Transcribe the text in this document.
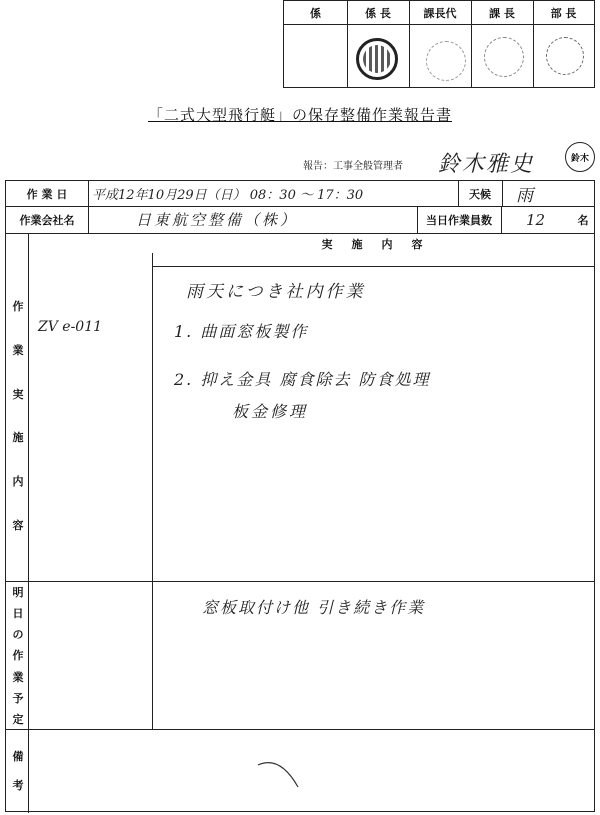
係	係 長	課長代	課 長	部 長
「二式大型飛行艇」の保存整備作業報告書
報告：工事全般管理者 鈴木雅史	鈴木
作 業 日	平成12年10月29日（日） 08：30 ～ 17：30	天候	雨
作業会社名	日東航空整備（株）	当日作業員数	12	名
実　施　内　容
作
業
実
施
内
容
ZV e-011
雨天につき社内作業
1. 曲面窓板製作
2. 抑え金具 腐食除去 防食処理
板金修理
明
日
の
作
業
予
定
窓板取付け他 引き続き作業
備
考
